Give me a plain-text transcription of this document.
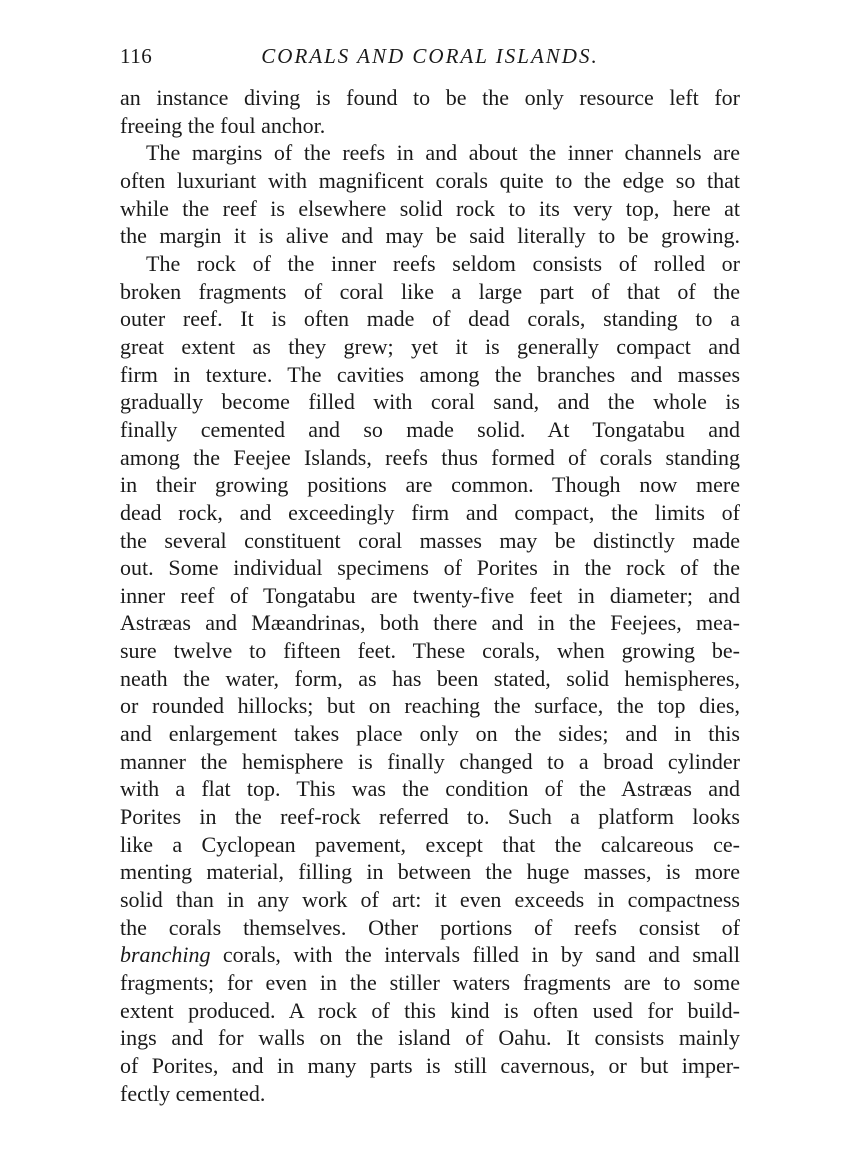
116	CORALS AND CORAL ISLANDS.
an instance diving is found to be the only resource left for
freeing the foul anchor.
The margins of the reefs in and about the inner channels are
often luxuriant with magnificent corals quite to the edge so that
while the reef is elsewhere solid rock to its very top, here at
the margin it is alive and may be said literally to be growing.
The rock of the inner reefs seldom consists of rolled or
broken fragments of coral like a large part of that of the
outer reef. It is often made of dead corals, standing to a
great extent as they grew; yet it is generally compact and
firm in texture. The cavities among the branches and masses
gradually become filled with coral sand, and the whole is
finally cemented and so made solid. At Tongatabu and
among the Feejee Islands, reefs thus formed of corals standing
in their growing positions are common. Though now mere
dead rock, and exceedingly firm and compact, the limits of
the several constituent coral masses may be distinctly made
out. Some individual specimens of Porites in the rock of the
inner reef of Tongatabu are twenty-five feet in diameter; and
Astræas and Mæandrinas, both there and in the Feejees, mea-
sure twelve to fifteen feet. These corals, when growing be-
neath the water, form, as has been stated, solid hemispheres,
or rounded hillocks; but on reaching the surface, the top dies,
and enlargement takes place only on the sides; and in this
manner the hemisphere is finally changed to a broad cylinder
with a flat top. This was the condition of the Astræas and
Porites in the reef-rock referred to. Such a platform looks
like a Cyclopean pavement, except that the calcareous ce-
menting material, filling in between the huge masses, is more
solid than in any work of art: it even exceeds in compactness
the corals themselves. Other portions of reefs consist of
branching corals, with the intervals filled in by sand and small
fragments; for even in the stiller waters fragments are to some
extent produced. A rock of this kind is often used for build-
ings and for walls on the island of Oahu. It consists mainly
of Porites, and in many parts is still cavernous, or but imper-
fectly cemented.
